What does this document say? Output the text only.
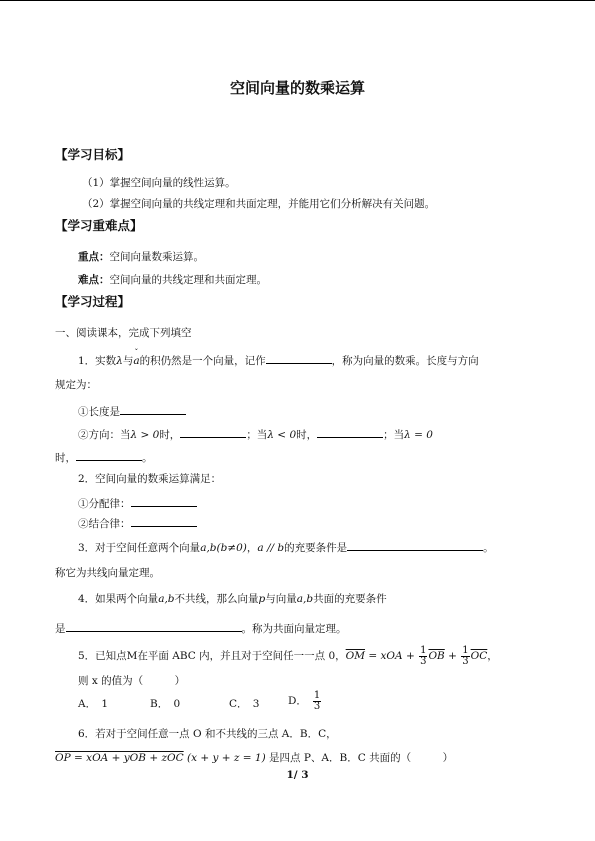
空间向量的数乘运算
【学习目标】
（1）掌握空间向量的线性运算。
（2）掌握空间向量的共线定理和共面定理，并能用它们分析解决有关问题。
【学习重难点】
重点：空间向量数乘运算。
难点：空间向量的共线定理和共面定理。
【学习过程】
一、阅读课本，完成下列填空
1．实数λ与
ˇ
a的积仍然是一个向量，记作	，称为向量的数乘。长度与方向
规定为：
①长度是
②方向：当λ > 0时，	；当λ < 0时，	；当λ = 0
时，	。
2．空间向量的数乘运算满足：
①分配律：
②结合律：
3．对于空间任意两个向量a,b(b≠0)，a // b的充要条件是	。
称它为共线向量定理。
4．如果两个向量a,b不共线，那么向量p与向量a,b共面的充要条件
是	。称为共面向量定理。
5．已知点M在平面 ABC 内，并且对于空间任一一点 0，$\overline{OM}$ = xOA + $\frac{1}{3} \overline{OB} + \frac{1}{3} \overline{OC}$，
则 x 的值为（　　　）
A．　1	B．　0	C．　3	D． $\frac{1}{3}$
6．若对于空间任意一点 O 和不共线的三点 A．B．C，
OP = xOA + yOB + zOC (x + y + z = 1) 是四点 P、A．B．C 共面的（　　　）
1/ 3
